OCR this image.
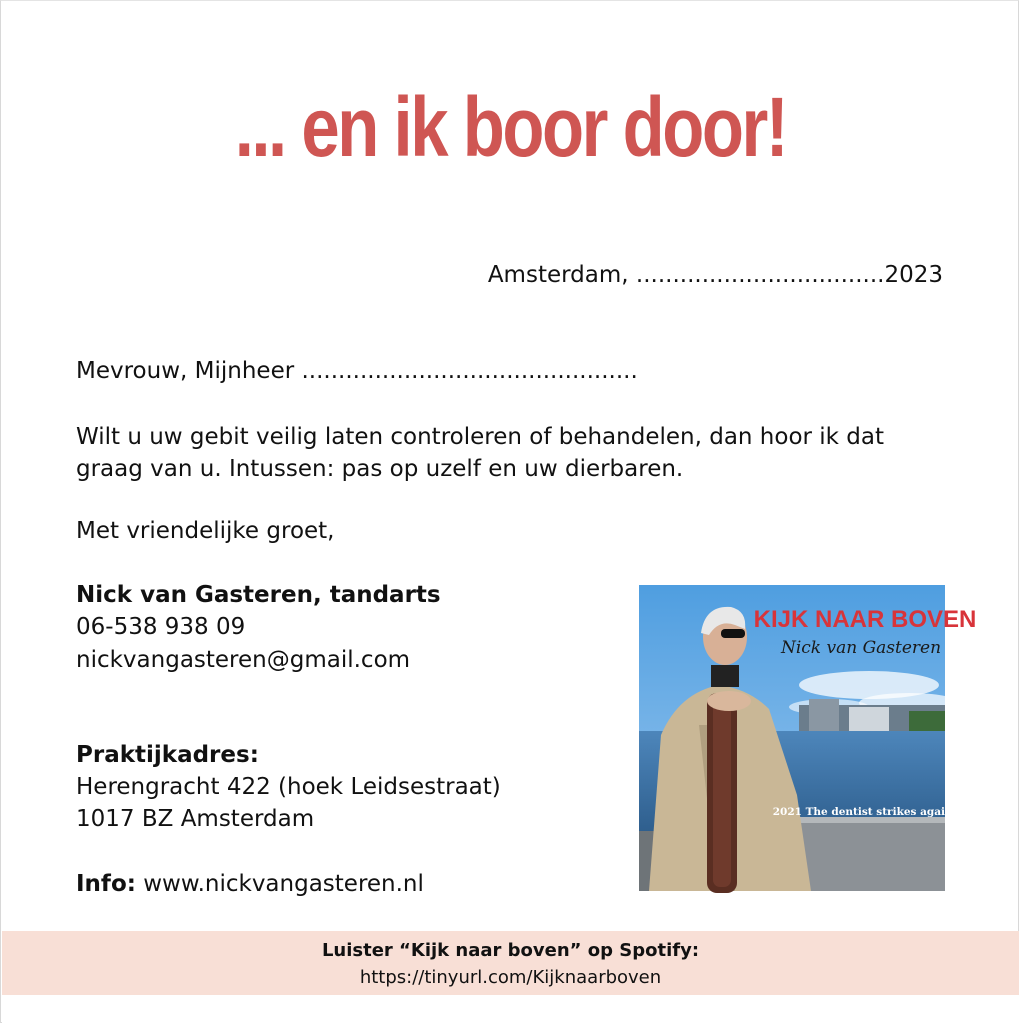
... en ik boor door!
Amsterdam, ..................................2023
Mevrouw, Mijnheer ..............................................
Wilt u uw gebit veilig laten controleren of behandelen, dan hoor ik dat
graag van u. Intussen: pas op uzelf en uw dierbaren.
Met vriendelijke groet,
Nick van Gasteren, tandarts
06-538 938 09
nickvangasteren@gmail.com
Praktijkadres:
Herengracht 422 (hoek Leidsestraat)
1017 BZ Amsterdam
Info: www.nickvangasteren.nl
KIJK NAAR BOVEN
Nick van Gasteren
2021 The dentist strikes again!
Luister “Kijk naar boven” op Spotify:
https://tinyurl.com/Kijknaarboven
